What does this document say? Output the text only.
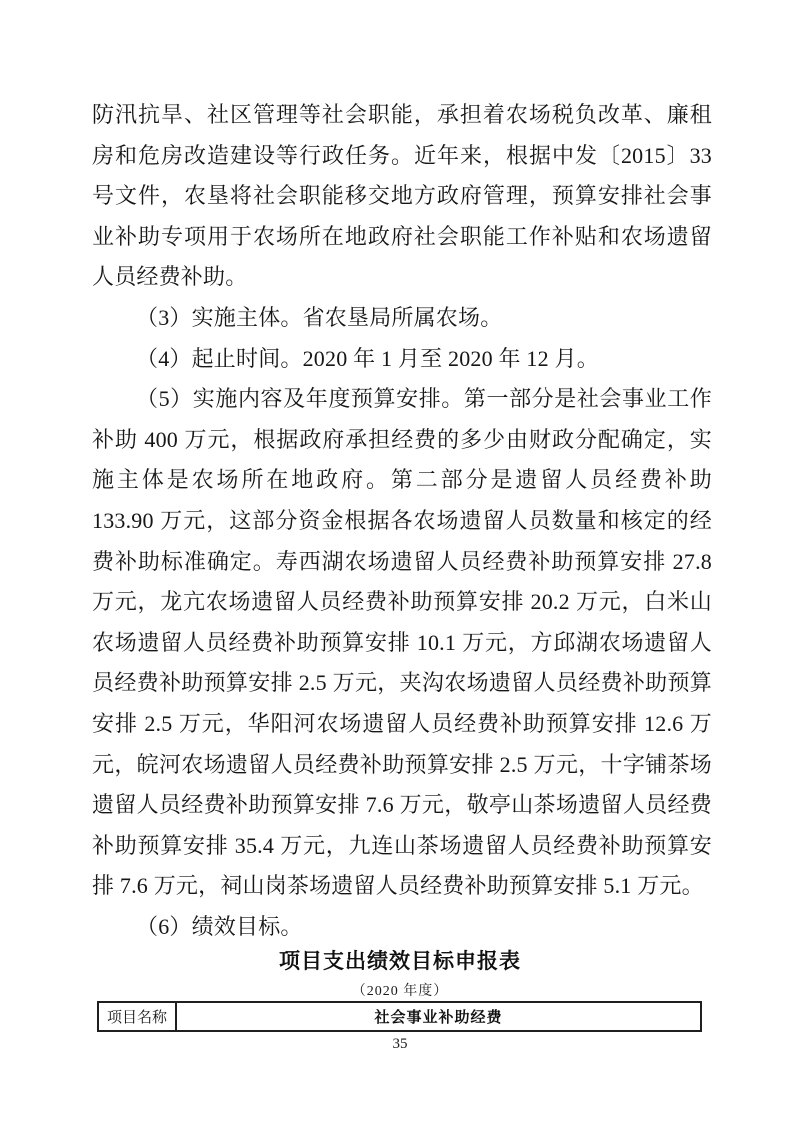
防汛抗旱、社区管理等社会职能，承担着农场税负改革、廉租房和危房改造建设等行政任务。近年来，根据中发〔2015〕33 号文件，农垦将社会职能移交地方政府管理，预算安排社会事业补助专项用于农场所在地政府社会职能工作补贴和农场遗留人员经费补助。

（3）实施主体。省农垦局所属农场。

（4）起止时间。2020 年 1 月至 2020 年 12 月。

（5）实施内容及年度预算安排。第一部分是社会事业工作补助 400 万元，根据政府承担经费的多少由财政分配确定，实施主体是农场所在地政府。第二部分是遗留人员经费补助 133.90 万元，这部分资金根据各农场遗留人员数量和核定的经费补助标准确定。寿西湖农场遗留人员经费补助预算安排 27.8 万元，龙亢农场遗留人员经费补助预算安排 20.2 万元，白米山农场遗留人员经费补助预算安排 10.1 万元，方邱湖农场遗留人员经费补助预算安排 2.5 万元，夹沟农场遗留人员经费补助预算安排 2.5 万元，华阳河农场遗留人员经费补助预算安排 12.6 万元，皖河农场遗留人员经费补助预算安排 2.5 万元，十字铺茶场遗留人员经费补助预算安排 7.6 万元，敬亭山茶场遗留人员经费补助预算安排 35.4 万元，九连山茶场遗留人员经费补助预算安排 7.6 万元，祠山岗茶场遗留人员经费补助预算安排 5.1 万元。

（6）绩效目标。

项目支出绩效目标申报表
（2020 年度）
项目名称	社会事业补助经费
35
